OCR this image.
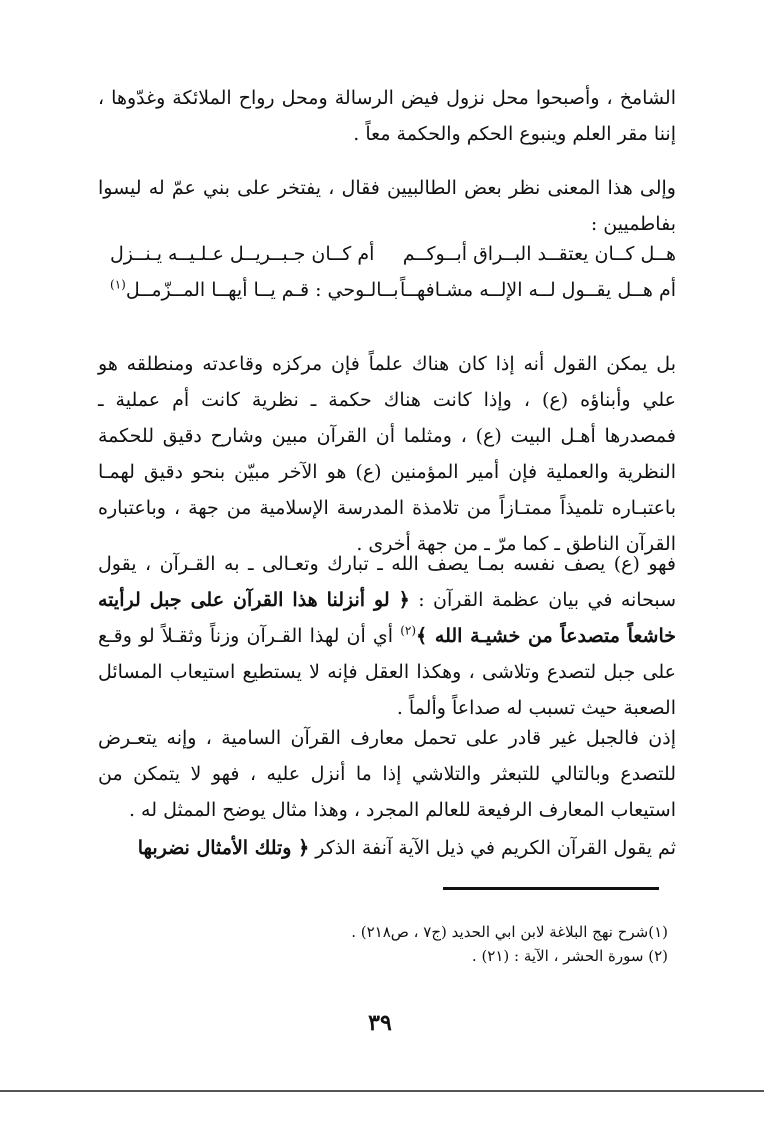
الشامخ ، وأصبحوا محل نزول فيض الرسالة ومحل رواح الملائكة وغدّوها ، إننا مقر العلم وينبوع الحكم والحكمة معاً .

وإلى هذا المعنى نظر بعض الطالبيين فقال ، يفتخر على بني عمّ له ليسوا بفاطميين :

هــل كــان يعتقــد البــراق أبــوكــم
أم كــان جـبــريــل عـلـيــه يـنــزل
أم هــل يقــول لــه الإلــه مشـافهــاً
بــالـوحي : قـم يــا أيهــا المــزّمــل$^{(١)}$

بل يمكن القول أنه إذا كان هناك علماً فإن مركزه وقاعدته ومنطلقه هو علي وأبناؤه (ع) ، وإذا كانت هناك حكمة ـ نظرية كانت أم عملية ـ فمصدرها أهـل البيت (ع) ، ومثلما أن القرآن مبين وشارح دقيق للحكمة النظرية والعملية فإن أمير المؤمنين (ع) هو الآخر مبيّن بنحو دقيق لهمـا باعتبـاره تلميذاً ممتـازاً من تلامذة المدرسة الإسلامية من جهة ، وباعتباره القرآن الناطق ـ كما مرّ ـ من جهة أخرى .

فهو (ع) يصف نفسه بمـا يصف الله ـ تبارك وتعـالى ـ به القـرآن ، يقول سبحانه في بيان عظمة القرآن : ﴿ لو أنزلنا هذا القرآن على جبل لرأيته خاشعاً متصدعاً من خشيـة الله ﴾$^{(٢)}$ أي أن لهذا القـرآن وزناً وثقـلاً لو وقـع على جبل لتصدع وتلاشى ، وهكذا العقل فإنه لا يستطيع استيعاب المسائل الصعبة حيث تسبب له صداعاً وألماً .

إذن فالجبل غير قادر على تحمل معارف القرآن السامية ، وإنه يتعـرض للتصدع وبالتالي للتبعثر والتلاشي إذا ما أنزل عليه ، فهو لا يتمكن من استيعاب المعارف الرفيعة للعالم المجرد ، وهذا مثال يوضح الممثل له .

ثم يقول القرآن الكريم في ذيل الآية آنفة الذكر ﴿ وتلك الأمثال نضربها

(١)شرح نهج البلاغة لابن ابي الحديد (ج٧ ، ص٢١٨) .

(٢) سورة الحشر ، الآية : (٢١) .

٣٩
